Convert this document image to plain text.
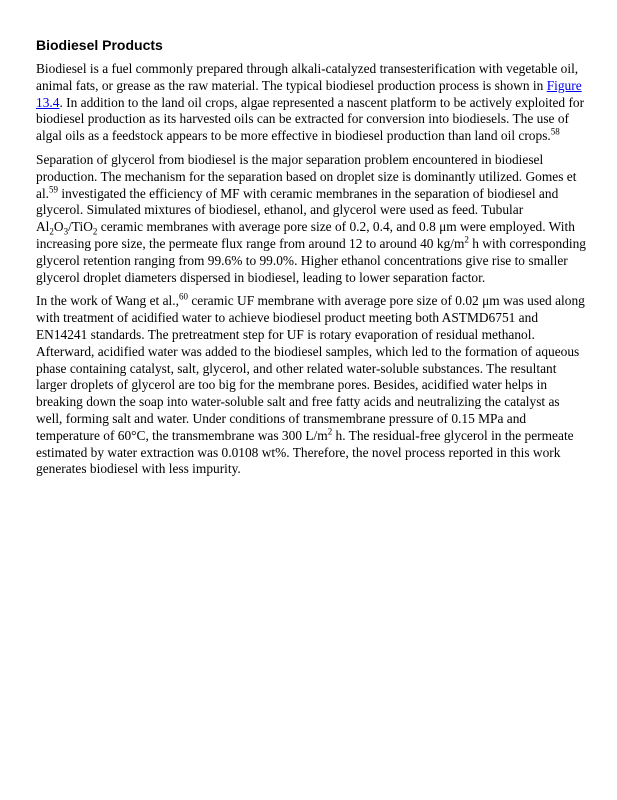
Biodiesel Products

Biodiesel is a fuel commonly prepared through alkali-catalyzed transesterification with vegetable oil, animal fats, or grease as the raw material. The typical biodiesel production process is shown in Figure 13.4. In addition to the land oil crops, algae represented a nascent platform to be actively exploited for biodiesel production as its harvested oils can be extracted for conversion into biodiesels. The use of algal oils as a feedstock appears to be more effective in biodiesel production than land oil crops.$^{58}$

Separation of glycerol from biodiesel is the major separation problem encountered in biodiesel production. The mechanism for the separation based on droplet size is dominantly utilized. Gomes et al.$^{59}$ investigated the efficiency of MF with ceramic membranes in the separation of biodiesel and glycerol. Simulated mixtures of biodiesel, ethanol, and glycerol were used as feed. Tubular $Al_2O_3/TiO_2$ ceramic membranes with average pore size of 0.2, 0.4, and 0.8 μm were employed. With increasing pore size, the permeate flux range from around 12 to around 40 $kg/m^2$ h with corresponding glycerol retention ranging from 99.6% to 99.0%. Higher ethanol concentrations give rise to smaller glycerol droplet diameters dispersed in biodiesel, leading to lower separation factor.

In the work of Wang et al.,$^{60}$ ceramic UF membrane with average pore size of 0.02 μm was used along with treatment of acidified water to achieve biodiesel product meeting both ASTMD6751 and EN14241 standards. The pretreatment step for UF is rotary evaporation of residual methanol. Afterward, acidified water was added to the biodiesel samples, which led to the formation of aqueous phase containing catalyst, salt, glycerol, and other related water-soluble substances. The resultant larger droplets of glycerol are too big for the membrane pores. Besides, acidified water helps in breaking down the soap into water-soluble salt and free fatty acids and neutralizing the catalyst as well, forming salt and water. Under conditions of transmembrane pressure of 0.15 MPa and temperature of 60°C, the transmembrane was 300 $L/m^2$ h. The residual-free glycerol in the permeate estimated by water extraction was 0.0108 wt%. Therefore, the novel process reported in this work generates biodiesel with less impurity.
